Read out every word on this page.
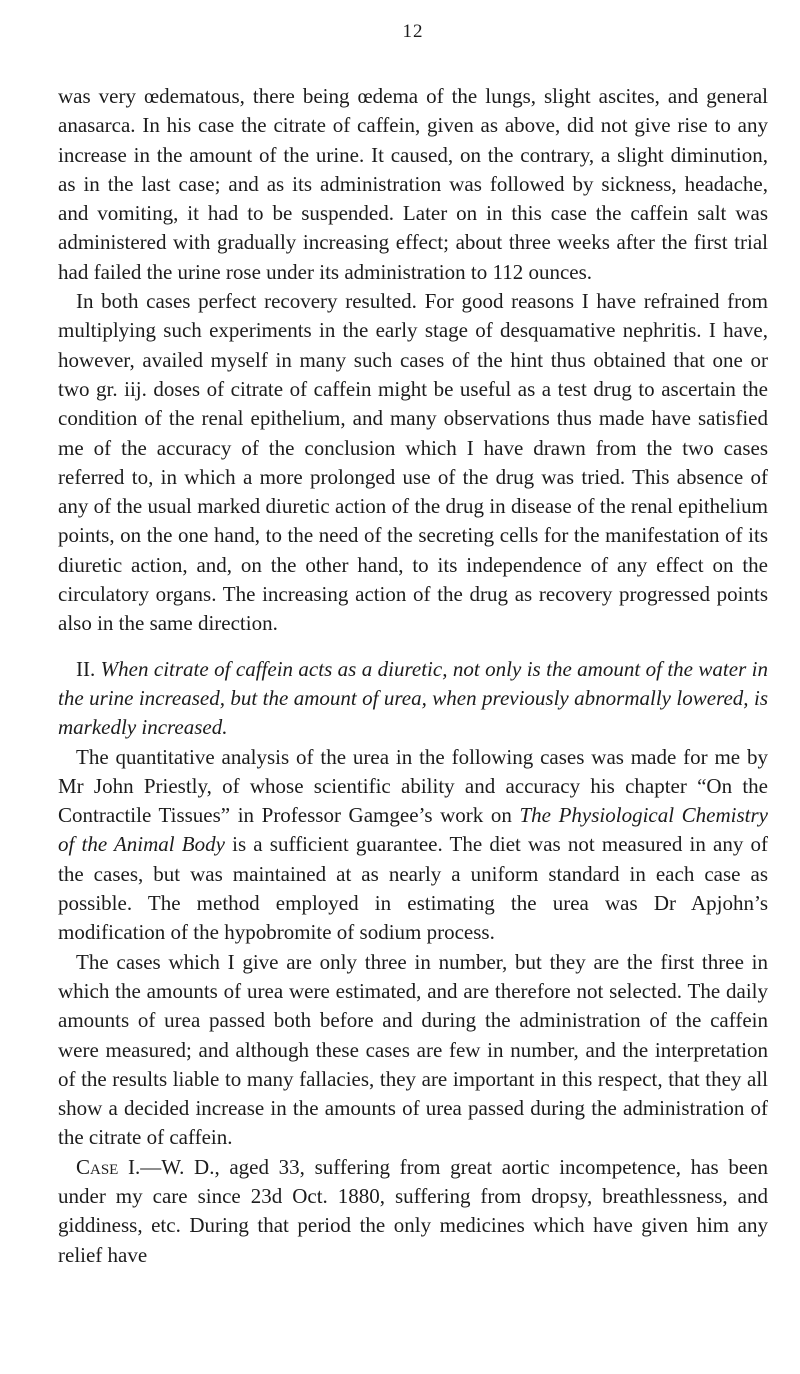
12

was very œdematous, there being œdema of the lungs, slight ascites, and general anasarca. In his case the citrate of caffein, given as above, did not give rise to any increase in the amount of the urine. It caused, on the contrary, a slight diminution, as in the last case; and as its administration was followed by sickness, headache, and vomiting, it had to be suspended. Later on in this case the caffein salt was administered with gradually increasing effect; about three weeks after the first trial had failed the urine rose under its administration to 112 ounces.

In both cases perfect recovery resulted. For good reasons I have refrained from multiplying such experiments in the early stage of desquamative nephritis. I have, however, availed myself in many such cases of the hint thus obtained that one or two gr. iij. doses of citrate of caffein might be useful as a test drug to ascertain the condition of the renal epithelium, and many observations thus made have satisfied me of the accuracy of the conclusion which I have drawn from the two cases referred to, in which a more prolonged use of the drug was tried. This absence of any of the usual marked diuretic action of the drug in disease of the renal epithelium points, on the one hand, to the need of the secreting cells for the manifestation of its diuretic action, and, on the other hand, to its independence of any effect on the circulatory organs. The increasing action of the drug as recovery progressed points also in the same direction.

II. When citrate of caffein acts as a diuretic, not only is the amount of the water in the urine increased, but the amount of urea, when previously abnormally lowered, is markedly increased.

The quantitative analysis of the urea in the following cases was made for me by Mr John Priestly, of whose scientific ability and accuracy his chapter “On the Contractile Tissues” in Professor Gamgee’s work on The Physiological Chemistry of the Animal Body is a sufficient guarantee. The diet was not measured in any of the cases, but was maintained at as nearly a uniform standard in each case as possible. The method employed in estimating the urea was Dr Apjohn’s modification of the hypobromite of sodium process.

The cases which I give are only three in number, but they are the first three in which the amounts of urea were estimated, and are therefore not selected. The daily amounts of urea passed both before and during the administration of the caffein were measured; and although these cases are few in number, and the interpretation of the results liable to many fallacies, they are important in this respect, that they all show a decided increase in the amounts of urea passed during the administration of the citrate of caffein.

Case I.—W. D., aged 33, suffering from great aortic incompetence, has been under my care since 23d Oct. 1880, suffering from dropsy, breathlessness, and giddiness, etc. During that period the only medicines which have given him any relief have
